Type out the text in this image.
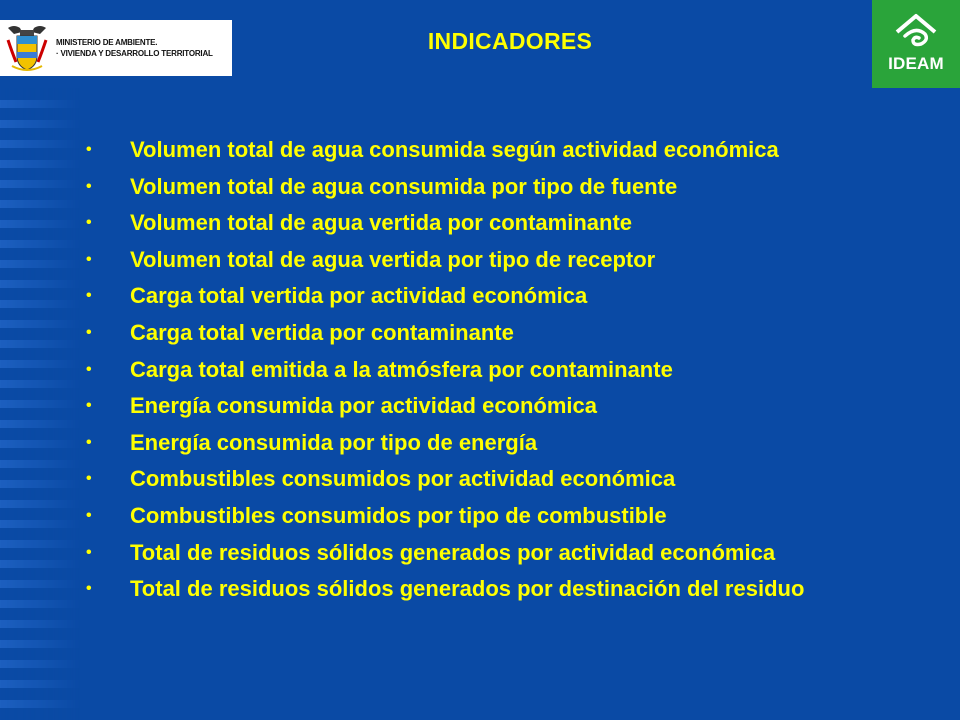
MINISTERIO DE AMBIENTE.
· VIVIENDA Y DESARROLLO TERRITORIAL	INDICADORES
IDEAM
• Volumen total de agua consumida según actividad económica
• Volumen total de agua consumida por tipo de fuente
• Volumen total de agua vertida por contaminante
• Volumen total de agua vertida por tipo de receptor
• Carga total vertida por actividad económica
• Carga total vertida por contaminante
• Carga total emitida a la atmósfera por contaminante
• Energía consumida por actividad económica
• Energía consumida por tipo de energía
• Combustibles consumidos por actividad económica
• Combustibles consumidos por tipo de combustible
• Total de residuos sólidos generados por actividad económica
• Total de residuos sólidos generados por destinación del residuo
